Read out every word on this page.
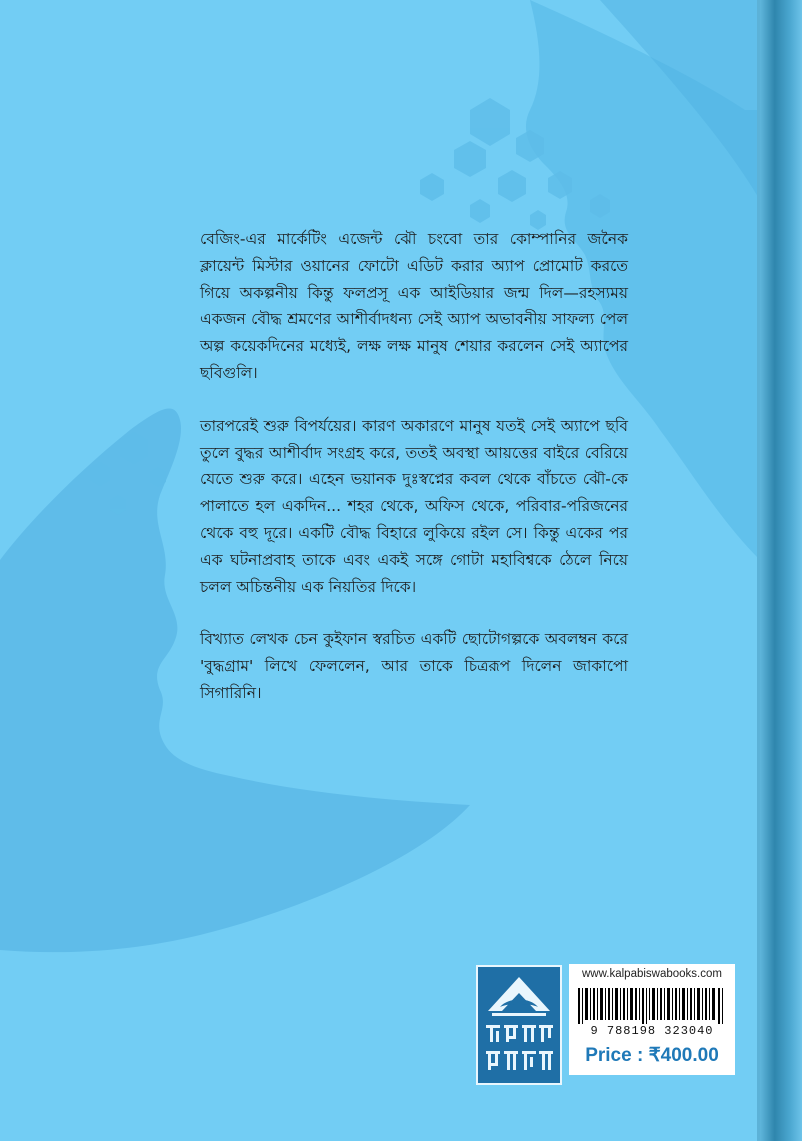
বেজিং-এর মার্কেটিং এজেন্ট ঝৌ চংবো তার কোম্পানির জনৈক ক্লায়েন্ট মিস্টার ওয়ানের ফোটো এডিট করার অ্যাপ প্রোমোট করতে গিয়ে অকল্পনীয় কিন্তু ফলপ্রসূ এক আইডিয়ার জন্ম দিল—রহস্যময় একজন বৌদ্ধ শ্রমণের আশীর্বাদধন্য সেই অ্যাপ অভাবনীয় সাফল্য পেল অল্প কয়েকদিনের মধ্যেই, লক্ষ লক্ষ মানুষ শেয়ার করলেন সেই অ্যাপের ছবিগুলি।

তারপরেই শুরু বিপর্যয়ের। কারণ অকারণে মানুষ যতই সেই অ্যাপে ছবি তুলে বুদ্ধর আশীর্বাদ সংগ্রহ করে, ততই অবস্থা আয়ত্তের বাইরে বেরিয়ে যেতে শুরু করে। এহেন ভয়ানক দুঃস্বপ্নের কবল থেকে বাঁচতে ঝৌ-কে পালাতে হল একদিন... শহর থেকে, অফিস থেকে, পরিবার-পরিজনের থেকে বহু দূরে। একটি বৌদ্ধ বিহারে লুকিয়ে রইল সে। কিন্তু একের পর এক ঘটনাপ্রবাহ তাকে এবং একই সঙ্গে গোটা মহাবিশ্বকে ঠেলে নিয়ে চলল অচিন্তনীয় এক নিয়তির দিকে।

বিখ্যাত লেখক চেন কুইফান স্বরচিত একটি ছোটোগল্পকে অবলম্বন করে 'বুদ্ধগ্রাম' লিখে ফেললেন, আর তাকে চিত্ররূপ দিলেন জাকাপো সিগারিনি।

কল্পবিশ্ব কমিকস
www.kalpabiswabooks.com
9 788198 323040
Price : ₹400.00
